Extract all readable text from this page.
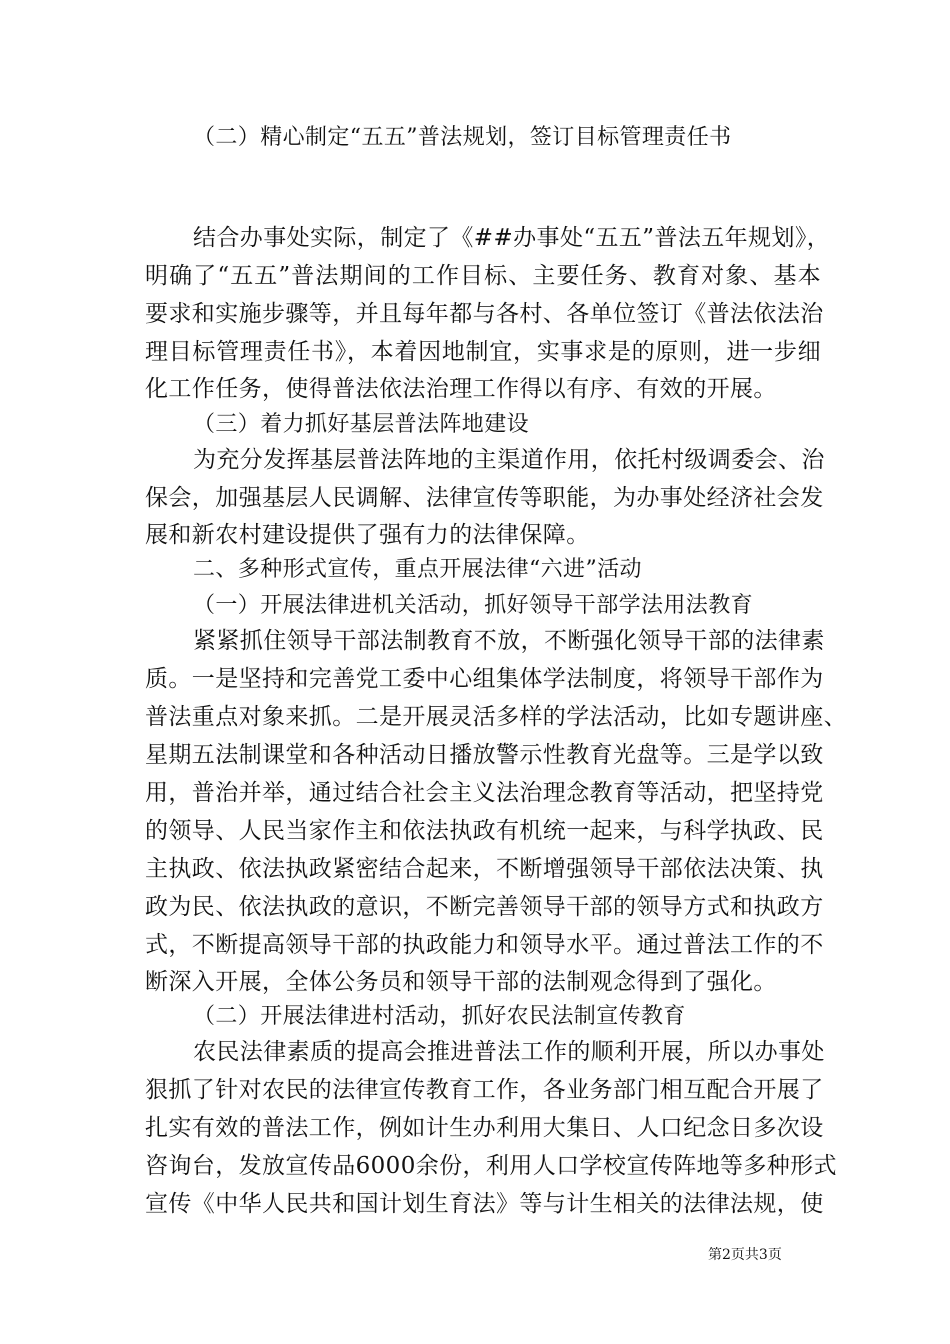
（二）精心制定“五五”普法规划，签订目标管理责任书
结合办事处实际，制定了《##办事处“五五”普法五年规划》，
明确了“五五”普法期间的工作目标、主要任务、教育对象、基本
要求和实施步骤等，并且每年都与各村、各单位签订《普法依法治
理目标管理责任书》，本着因地制宜，实事求是的原则，进一步细
化工作任务，使得普法依法治理工作得以有序、有效的开展。
（三）着力抓好基层普法阵地建设
为充分发挥基层普法阵地的主渠道作用，依托村级调委会、治
保会，加强基层人民调解、法律宣传等职能，为办事处经济社会发
展和新农村建设提供了强有力的法律保障。
二、多种形式宣传，重点开展法律“六进”活动
（一）开展法律进机关活动，抓好领导干部学法用法教育
紧紧抓住领导干部法制教育不放，不断强化领导干部的法律素
质。一是坚持和完善党工委中心组集体学法制度，将领导干部作为
普法重点对象来抓。二是开展灵活多样的学法活动，比如专题讲座、
星期五法制课堂和各种活动日播放警示性教育光盘等。三是学以致
用，普治并举，通过结合社会主义法治理念教育等活动，把坚持党
的领导、人民当家作主和依法执政有机统一起来，与科学执政、民
主执政、依法执政紧密结合起来，不断增强领导干部依法决策、执
政为民、依法执政的意识，不断完善领导干部的领导方式和执政方
式，不断提高领导干部的执政能力和领导水平。通过普法工作的不
断深入开展，全体公务员和领导干部的法制观念得到了强化。
（二）开展法律进村活动，抓好农民法制宣传教育
农民法律素质的提高会推进普法工作的顺利开展，所以办事处
狠抓了针对农民的法律宣传教育工作，各业务部门相互配合开展了
扎实有效的普法工作，例如计生办利用大集日、人口纪念日多次设
咨询台，发放宣传品6000余份，利用人口学校宣传阵地等多种形式
宣传《中华人民共和国计划生育法》等与计生相关的法律法规，使
第2页共3页
